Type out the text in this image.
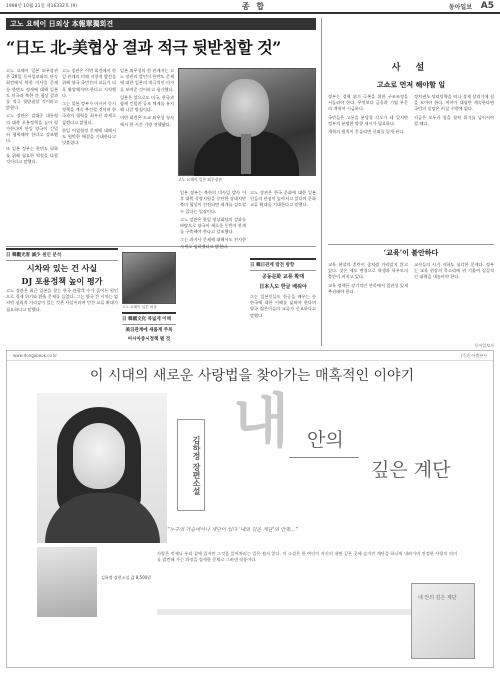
1998년 10월 21일 제16332호 (9)	종 합	동아일보 A5
고노 요헤이 日외상 本報單獨회견
“日도 北-美협상 결과 적극 뒷받침할 것”

고노 요헤이 일본 외무장관은 20일 동아일보와의 단독회견에서 북한 미사일 문제 등 한반도 정세에 대해 일본도 미국과 북한 간 협상 결과를 적극 뒷받침할 것이라고 밝혔다.

고노 장관은 김대중 대통령의 대북 포용정책을 높이 평가한다며 한일 양국이 긴밀히 협력해야 한다고 강조했다.

또 일본 정부는 한반도 평화를 위해 필요한 역할을 다할 것이라고 말했다.

고노 장관은 이번 회견에서 한일 관계의 미래 지향적 발전을 위해 양국 국민간의 교류가 더욱 활발해져야 한다고 지적했다.

그는 일본 정부가 아시아 중시 정책을 계속 추진할 것이며 한국과의 협력을 최우선 과제로 삼겠다고 밝혔다.

한일 어업협정 문제에 대해서도 원만한 해결을 기대한다고 덧붙였다.

일본 외무성의 한 관계자는 고노 장관의 발언이 한반도 문제에 대한 일본의 적극적인 의지를 보여준 것이라고 평가했다.

일본은 앞으로도 미국, 한국과 함께 긴밀한 공조 체제를 유지해 나갈 방침이다.

이번 회견은 도쿄 외무성 청사에서 한 시간 가량 진행됐다.

고노 요헤이 일본 외무장관
日 韓觀光客 減少 원인 분석
시차와 있는 건 사실
DJ 포용정책 높이 평가

고노 장관은 최근 일본을 찾는 한국 관광객 수가 줄어든 원인으로 경제 위기와 환율 문제를 들었다. 그는 양국 간 시차는 없지만 심리적 거리감이 있는 것은 사실이라며 민간 교류 확대가 필요하다고 말했다.	고노 요헤이 일본 외상
日 韓國文化 폭넓게 이해
美日관계에 새롭게 주목
아시아중시정책 펼 것

일본 정부는 북한의 미사일 발사 이후 대북 식량지원을 중단한 상태지만 북미 협상이 진전되면 재개를 검토할 수 있다는 입장이다.

고노 장관은 한일 정상회담의 성과를 바탕으로 양국이 새로운 동반자 관계를 구축해야 한다고 강조했다.

그는 과거사 문제에 대해서도 진지한 자세로 임하겠다고 밝혔다.

고노 장관은 한국 문화에 대한 일본인들의 관심이 높아지고 있다며 문화 교류 확대를 기대한다고 말했다.

日 韓日관계 발전 방향
공동문화 교류 확대
日本人도 한글 배워야

그는 일본인들도 한글을 배우는 등 한국에 대한 이해를 넓혀야 한다며 양국 젊은이들의 교류가 중요하다고 말했다.

사 설
고쇼로 먼저 해야할 일

정부는 경제 위기 극복을 위한 구조조정을 서둘러야 한다. 무엇보다 금융과 기업 부문의 개혁이 시급하다.

국민들은 고통을 분담할 각오가 돼 있지만 정부의 분명한 방향 제시가 필요하다.

개혁의 원칙이 흔들리면 신뢰를 잃게 된다.

정치권도 당리당략을 떠나 경제 살리기에 힘을 모아야 한다. 여야가 대립만 계속한다면 국민의 실망은 커질 수밖에 없다.

지금은 모두가 힘을 합쳐 위기를 넘어서야 할 때다.

‘교육’이 불안하다

교육 현장의 혼란이 좀처럼 가라앉지 않고 있다. 잦은 제도 변경으로 학생과 학부모의 불안이 커지고 있다.

교육 정책은 장기적인 안목에서 일관성 있게 추진돼야 한다.

교사들의 사기 저하도 심각한 문제다. 정부는 교육 현장의 목소리에 귀 기울여 실질적인 대책을 내놓아야 한다.

동아일보사
www.dongabook.co.kr	(주)동아출판사
이 시대의 새로운 사랑법을 찾아가는 매혹적인 이야기
김하정 장편소설
내 안의
깊은 계단
“누구의 가슴에서나 계단이 있다 ‘내의 깊은 계단’의 안쪽…”
사랑은 언제나 우리 곁에 있지만 그것을 알아차리는 일은 쉽지 않다. 이 소설은 한 여인이 자신의 내면 깊은 곳에 숨겨진 계단을 하나씩 내려가며 진정한 사랑의 의미를 발견해 가는 과정을 섬세한 문체로 그려낸 작품이다.
김하정 장편소설 값 8,500원
내 안의 깊은 계단
